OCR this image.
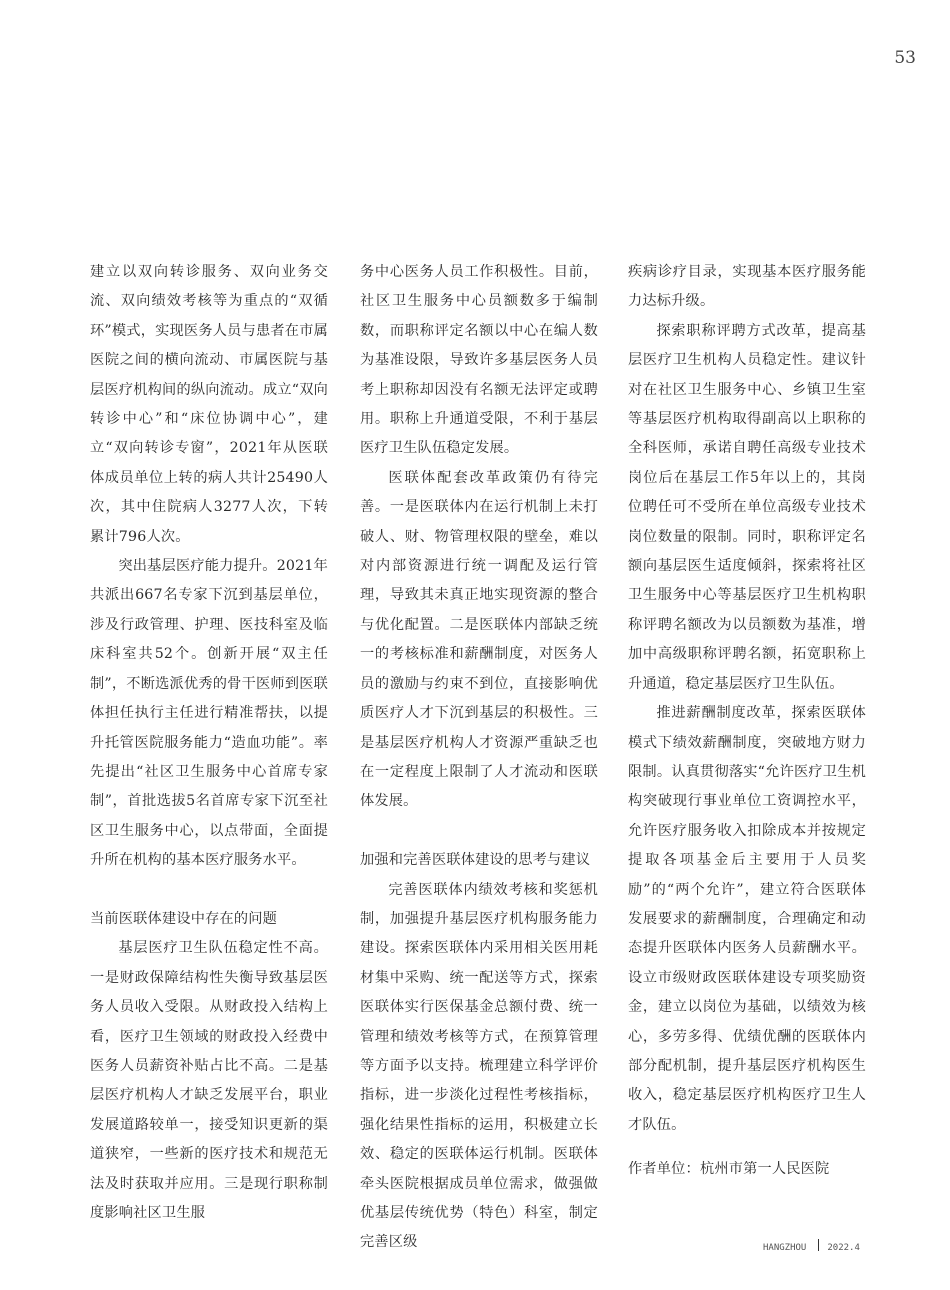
53

建立以双向转诊服务、双向业务交流、双向绩效考核等为重点的“双循环”模式，实现医务人员与患者在市属医院之间的横向流动、市属医院与基层医疗机构间的纵向流动。成立“双向转诊中心”和“床位协调中心”，建立“双向转诊专窗”，2021年从医联体成员单位上转的病人共计25490人次，其中住院病人3277人次，下转累计796人次。

突出基层医疗能力提升。2021年共派出667名专家下沉到基层单位，涉及行政管理、护理、医技科室及临床科室共52个。创新开展“双主任制”，不断选派优秀的骨干医师到医联体担任执行主任进行精准帮扶，以提升托管医院服务能力“造血功能”。率先提出“社区卫生服务中心首席专家制”，首批选拔5名首席专家下沉至社区卫生服务中心，以点带面，全面提升所在机构的基本医疗服务水平。

当前医联体建设中存在的问题

基层医疗卫生队伍稳定性不高。一是财政保障结构性失衡导致基层医务人员收入受限。从财政投入结构上看，医疗卫生领域的财政投入经费中医务人员薪资补贴占比不高。二是基层医疗机构人才缺乏发展平台，职业发展道路较单一，接受知识更新的渠道狭窄，一些新的医疗技术和规范无法及时获取并应用。三是现行职称制度影响社区卫生服

务中心医务人员工作积极性。目前，社区卫生服务中心员额数多于编制数，而职称评定名额以中心在编人数为基准设限，导致许多基层医务人员考上职称却因没有名额无法评定或聘用。职称上升通道受限，不利于基层医疗卫生队伍稳定发展。

医联体配套改革政策仍有待完善。一是医联体内在运行机制上未打破人、财、物管理权限的壁垒，难以对内部资源进行统一调配及运行管理，导致其未真正地实现资源的整合与优化配置。二是医联体内部缺乏统一的考核标准和薪酬制度，对医务人员的激励与约束不到位，直接影响优质医疗人才下沉到基层的积极性。三是基层医疗机构人才资源严重缺乏也在一定程度上限制了人才流动和医联体发展。

加强和完善医联体建设的思考与建议

完善医联体内绩效考核和奖惩机制，加强提升基层医疗机构服务能力建设。探索医联体内采用相关医用耗材集中采购、统一配送等方式，探索医联体实行医保基金总额付费、统一管理和绩效考核等方式，在预算管理等方面予以支持。梳理建立科学评价指标，进一步淡化过程性考核指标，强化结果性指标的运用，积极建立长效、稳定的医联体运行机制。医联体牵头医院根据成员单位需求，做强做优基层传统优势（特色）科室，制定完善区级

疾病诊疗目录，实现基本医疗服务能力达标升级。

探索职称评聘方式改革，提高基层医疗卫生机构人员稳定性。建议针对在社区卫生服务中心、乡镇卫生室等基层医疗机构取得副高以上职称的全科医师，承诺自聘任高级专业技术岗位后在基层工作5年以上的，其岗位聘任可不受所在单位高级专业技术岗位数量的限制。同时，职称评定名额向基层医生适度倾斜，探索将社区卫生服务中心等基层医疗卫生机构职称评聘名额改为以员额数为基准，增加中高级职称评聘名额，拓宽职称上升通道，稳定基层医疗卫生队伍。

推进薪酬制度改革，探索医联体模式下绩效薪酬制度，突破地方财力限制。认真贯彻落实“允许医疗卫生机构突破现行事业单位工资调控水平，允许医疗服务收入扣除成本并按规定提取各项基金后主要用于人员奖励”的“两个允许”，建立符合医联体发展要求的薪酬制度，合理确定和动态提升医联体内医务人员薪酬水平。设立市级财政医联体建设专项奖励资金，建立以岗位为基础，以绩效为核心，多劳多得、优绩优酬的医联体内部分配机制，提升基层医疗机构医生收入，稳定基层医疗机构医疗卫生人才队伍。

作者单位：杭州市第一人民医院

HANGZHOU 2022.4
